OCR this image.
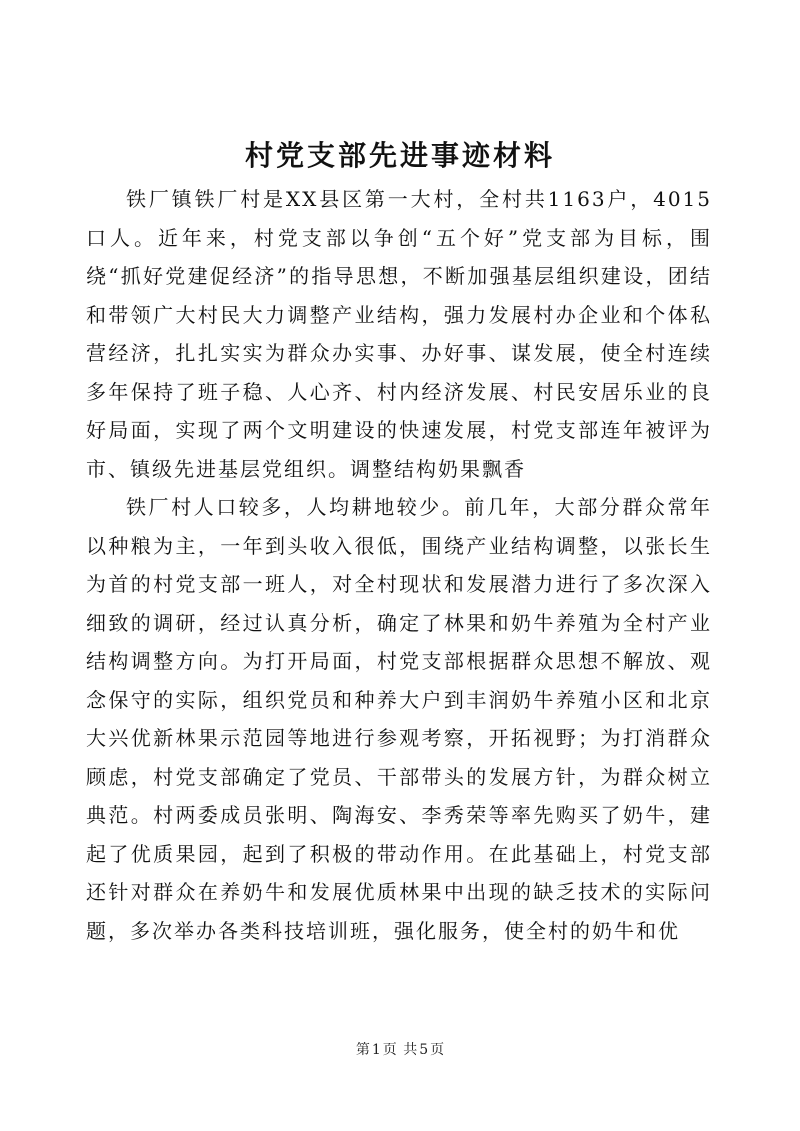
村党支部先进事迹材料

铁厂镇铁厂村是XX县区第一大村，全村共1163户，4015口人。近年来，村党支部以争创“五个好”党支部为目标，围绕“抓好党建促经济”的指导思想，不断加强基层组织建设，团结和带领广大村民大力调整产业结构，强力发展村办企业和个体私营经济，扎扎实实为群众办实事、办好事、谋发展，使全村连续多年保持了班子稳、人心齐、村内经济发展、村民安居乐业的良好局面，实现了两个文明建设的快速发展，村党支部连年被评为市、镇级先进基层党组织。调整结构奶果飘香

铁厂村人口较多，人均耕地较少。前几年，大部分群众常年以种粮为主，一年到头收入很低，围绕产业结构调整，以张长生为首的村党支部一班人，对全村现状和发展潜力进行了多次深入细致的调研，经过认真分析，确定了林果和奶牛养殖为全村产业结构调整方向。为打开局面，村党支部根据群众思想不解放、观念保守的实际，组织党员和种养大户到丰润奶牛养殖小区和北京大兴优新林果示范园等地进行参观考察，开拓视野；为打消群众顾虑，村党支部确定了党员、干部带头的发展方针，为群众树立典范。村两委成员张明、陶海安、李秀荣等率先购买了奶牛，建起了优质果园，起到了积极的带动作用。在此基础上，村党支部还针对群众在养奶牛和发展优质林果中出现的缺乏技术的实际问题，多次举办各类科技培训班，强化服务，使全村的奶牛和优

第 1 页 共 5 页
